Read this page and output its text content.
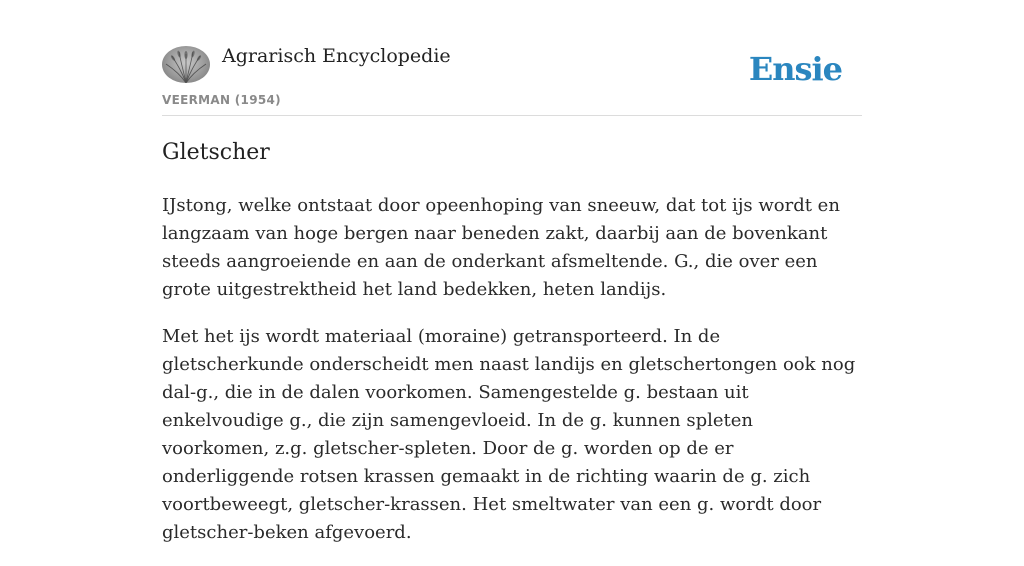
Agrarisch Encyclopedie
VEERMAN (1954)
Ensie
Gletscher

IJstong, welke ontstaat door opeenhoping van sneeuw, dat tot ijs wordt en langzaam van hoge bergen naar beneden zakt, daarbij aan de bovenkant steeds aangroeiende en aan de onderkant afsmeltende. G., die over een grote uitgestrektheid het land bedekken, heten landijs.

Met het ijs wordt materiaal (moraine) getransporteerd. In de gletscherkunde onderscheidt men naast landijs en gletschertongen ook nog dal-g., die in de dalen voorkomen. Samengestelde g. bestaan uit enkelvoudige g., die zijn samengevloeid. In de g. kunnen spleten voorkomen, z.g. gletscher-spleten. Door de g. worden op de er onderliggende rotsen krassen gemaakt in de richting waarin de g. zich voortbeweegt, gletscher-krassen. Het smeltwater van een g. wordt door gletscher-beken afgevoerd.
